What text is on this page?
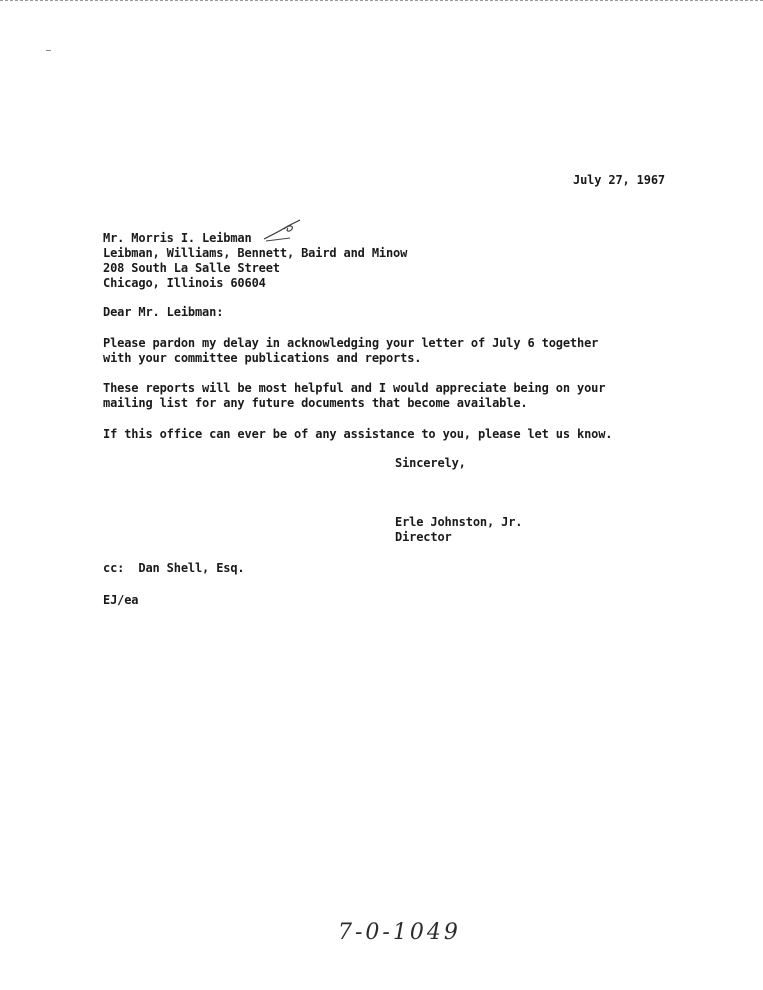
July 27, 1967
Mr. Morris I. Leibman
Leibman, Williams, Bennett, Baird and Minow
208 South La Salle Street
Chicago, Illinois 60604
Dear Mr. Leibman:
Please pardon my delay in acknowledging your letter of July 6 together
with your committee publications and reports.
These reports will be most helpful and I would appreciate being on your
mailing list for any future documents that become available.
If this office can ever be of any assistance to you, please let us know.
Sincerely,
Erle Johnston, Jr.
Director
cc:  Dan Shell, Esq.
EJ/ea
7-0-1049
